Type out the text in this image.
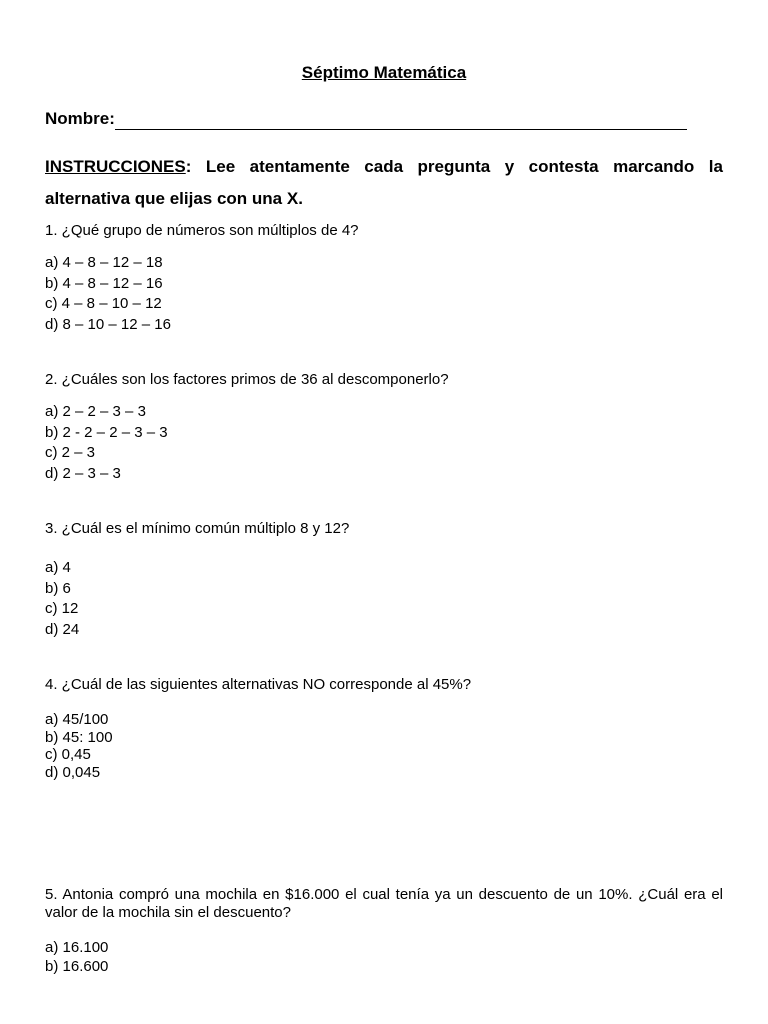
Séptimo Matemática
Nombre:
INSTRUCCIONES: Lee atentamente cada pregunta y contesta marcando la alternativa que elijas con una X.
1. ¿Qué grupo de números son múltiplos de 4?
a) 4 – 8 – 12 – 18
b) 4 – 8 – 12 – 16
c) 4 – 8 – 10 – 12
d) 8 – 10 – 12 – 16
2. ¿Cuáles son los factores primos de 36 al descomponerlo?
a) 2 – 2 – 3 – 3
b) 2 - 2 – 2 – 3 – 3
c) 2 – 3
d) 2 – 3 – 3
3. ¿Cuál es el mínimo común múltiplo 8 y 12?
a) 4
b) 6
c) 12
d) 24
4. ¿Cuál de las siguientes alternativas NO corresponde al 45%?
a) 45/100
b) 45: 100
c) 0,45
d) 0,045
5. Antonia compró una mochila en $16.000 el cual tenía ya un descuento de un 10%. ¿Cuál era el valor de la mochila sin el descuento?
a) 16.100
b) 16.600
